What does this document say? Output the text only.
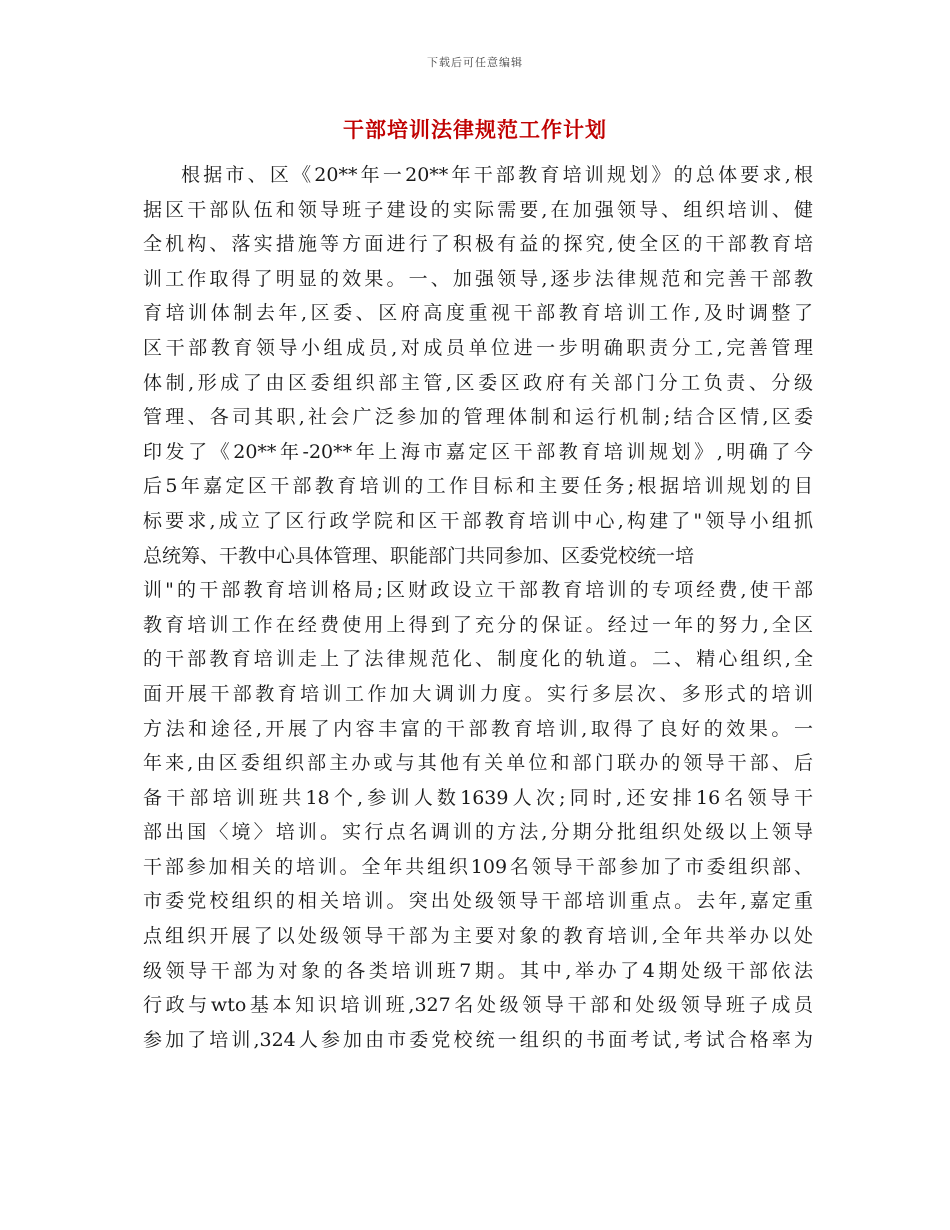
下载后可任意编辑
干部培训法律规范工作计划
根据市、区《20**年一20**年干部教育培训规划》的总体要求,根
据区干部队伍和领导班子建设的实际需要,在加强领导、组织培训、健
全机构、落实措施等方面进行了积极有益的探究,使全区的干部教育培
训工作取得了明显的效果。一、加强领导,逐步法律规范和完善干部教
育培训体制去年,区委、区府高度重视干部教育培训工作,及时调整了
区干部教育领导小组成员,对成员单位进一步明确职责分工,完善管理
体制,形成了由区委组织部主管,区委区政府有关部门分工负责、分级
管理、各司其职,社会广泛参加的管理体制和运行机制;结合区情,区委
印发了《20**年-20**年上海市嘉定区干部教育培训规划》,明确了今
后5年嘉定区干部教育培训的工作目标和主要任务;根据培训规划的目
标要求,成立了区行政学院和区干部教育培训中心,构建了"领导小组抓
总统筹、干教中心具体管理、职能部门共同参加、区委党校统一培
训"的干部教育培训格局;区财政设立干部教育培训的专项经费,使干部
教育培训工作在经费使用上得到了充分的保证。经过一年的努力,全区
的干部教育培训走上了法律规范化、制度化的轨道。二、精心组织,全
面开展干部教育培训工作加大调训力度。实行多层次、多形式的培训
方法和途径,开展了内容丰富的干部教育培训,取得了良好的效果。一
年来,由区委组织部主办或与其他有关单位和部门联办的领导干部、后
备干部培训班共18个,参训人数1639人次;同时,还安排16名领导干
部出国〈境〉培训。实行点名调训的方法,分期分批组织处级以上领导
干部参加相关的培训。全年共组织109名领导干部参加了市委组织部、
市委党校组织的相关培训。突出处级领导干部培训重点。去年,嘉定重
点组织开展了以处级领导干部为主要对象的教育培训,全年共举办以处
级领导干部为对象的各类培训班7期。其中,举办了4期处级干部依法
行政与wto基本知识培训班,327名处级领导干部和处级领导班子成员
参加了培训,324人参加由市委党校统一组织的书面考试,考试合格率为
